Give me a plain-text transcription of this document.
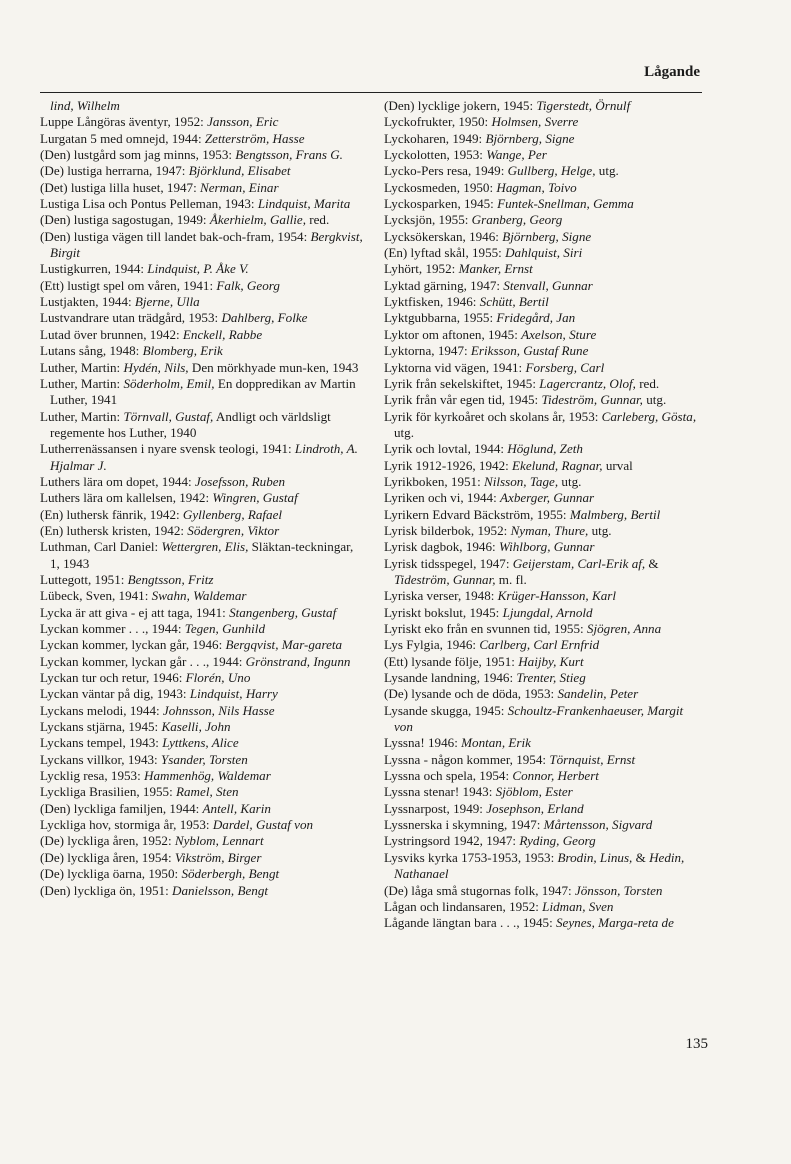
Lågande

lind, Wilhelm

Luppe Långöras äventyr, 1952: Jansson, Eric

Lurgatan 5 med omnejd, 1944: Zetterström, Hasse

(Den) lustgård som jag minns, 1953: Bengtsson, Frans G.

(De) lustiga herrarna, 1947: Björklund, Elisabet

(Det) lustiga lilla huset, 1947: Nerman, Einar

Lustiga Lisa och Pontus Pelleman, 1943: Lindquist, Marita

(Den) lustiga sagostugan, 1949: Åkerhielm, Gallie, red.

(Den) lustiga vägen till landet bak-och-fram, 1954: Bergkvist, Birgit

Lustigkurren, 1944: Lindquist, P. Åke V.

(Ett) lustigt spel om våren, 1941: Falk, Georg

Lustjakten, 1944: Bjerne, Ulla

Lustvandrare utan trädgård, 1953: Dahlberg, Folke

Lutad över brunnen, 1942: Enckell, Rabbe

Lutans sång, 1948: Blomberg, Erik

Luther, Martin: Hydén, Nils, Den mörkhyade mun-ken, 1943

Luther, Martin: Söderholm, Emil, En doppredikan av Martin Luther, 1941

Luther, Martin: Törnvall, Gustaf, Andligt och världsligt regemente hos Luther, 1940

Lutherrenässansen i nyare svensk teologi, 1941: Lindroth, A. Hjalmar J.

Luthers lära om dopet, 1944: Josefsson, Ruben

Luthers lära om kallelsen, 1942: Wingren, Gustaf

(En) luthersk fänrik, 1942: Gyllenberg, Rafael

(En) luthersk kristen, 1942: Södergren, Viktor

Luthman, Carl Daniel: Wettergren, Elis, Släktan-teckningar, 1, 1943

Luttegott, 1951: Bengtsson, Fritz

Lübeck, Sven, 1941: Swahn, Waldemar

Lycka är att giva - ej att taga, 1941: Stangenberg, Gustaf

Lyckan kommer . . ., 1944: Tegen, Gunhild

Lyckan kommer, lyckan går, 1946: Bergqvist, Mar-gareta

Lyckan kommer, lyckan går . . ., 1944: Grönstrand, Ingunn

Lyckan tur och retur, 1946: Florén, Uno

Lyckan väntar på dig, 1943: Lindquist, Harry

Lyckans melodi, 1944: Johnsson, Nils Hasse

Lyckans stjärna, 1945: Kaselli, John

Lyckans tempel, 1943: Lyttkens, Alice

Lyckans villkor, 1943: Ysander, Torsten

Lycklig resa, 1953: Hammenhög, Waldemar

Lyckliga Brasilien, 1955: Ramel, Sten

(Den) lyckliga familjen, 1944: Antell, Karin

Lyckliga hov, stormiga år, 1953: Dardel, Gustaf von

(De) lyckliga åren, 1952: Nyblom, Lennart

(De) lyckliga åren, 1954: Vikström, Birger

(De) lyckliga öarna, 1950: Söderbergh, Bengt

(Den) lyckliga ön, 1951: Danielsson, Bengt

(Den) lycklige jokern, 1945: Tigerstedt, Örnulf

Lyckofrukter, 1950: Holmsen, Sverre

Lyckoharen, 1949: Björnberg, Signe

Lyckolotten, 1953: Wange, Per

Lycko-Pers resa, 1949: Gullberg, Helge, utg.

Lyckosmeden, 1950: Hagman, Toivo

Lyckosparken, 1945: Funtek-Snellman, Gemma

Lycksjön, 1955: Granberg, Georg

Lycksökerskan, 1946: Björnberg, Signe

(En) lyftad skål, 1955: Dahlquist, Siri

Lyhört, 1952: Manker, Ernst

Lyktad gärning, 1947: Stenvall, Gunnar

Lyktfisken, 1946: Schütt, Bertil

Lyktgubbarna, 1955: Fridegård, Jan

Lyktor om aftonen, 1945: Axelson, Sture

Lyktorna, 1947: Eriksson, Gustaf Rune

Lyktorna vid vägen, 1941: Forsberg, Carl

Lyrik från sekelskiftet, 1945: Lagercrantz, Olof, red.

Lyrik från vår egen tid, 1945: Tideström, Gunnar, utg.

Lyrik för kyrkoåret och skolans år, 1953: Carleberg, Gösta, utg.

Lyrik och lovtal, 1944: Höglund, Zeth

Lyrik 1912-1926, 1942: Ekelund, Ragnar, urval

Lyrikboken, 1951: Nilsson, Tage, utg.

Lyriken och vi, 1944: Axberger, Gunnar

Lyrikern Edvard Bäckström, 1955: Malmberg, Bertil

Lyrisk bilderbok, 1952: Nyman, Thure, utg.

Lyrisk dagbok, 1946: Wihlborg, Gunnar

Lyrisk tidsspegel, 1947: Geijerstam, Carl-Erik af, & Tideström, Gunnar, m. fl.

Lyriska verser, 1948: Krüger-Hansson, Karl

Lyriskt bokslut, 1945: Ljungdal, Arnold

Lyriskt eko från en svunnen tid, 1955: Sjögren, Anna

Lys Fylgia, 1946: Carlberg, Carl Ernfrid

(Ett) lysande följe, 1951: Haijby, Kurt

Lysande landning, 1946: Trenter, Stieg

(De) lysande och de döda, 1953: Sandelin, Peter

Lysande skugga, 1945: Schoultz-Frankenhaeuser, Margit von

Lyssna! 1946: Montan, Erik

Lyssna - någon kommer, 1954: Törnquist, Ernst

Lyssna och spela, 1954: Connor, Herbert

Lyssna stenar! 1943: Sjöblom, Ester

Lyssnarpost, 1949: Josephson, Erland

Lyssnerska i skymning, 1947: Mårtensson, Sigvard

Lystringsord 1942, 1947: Ryding, Georg

Lysviks kyrka 1753-1953, 1953: Brodin, Linus, & Hedin, Nathanael

(De) låga små stugornas folk, 1947: Jönsson, Torsten

Lågan och lindansaren, 1952: Lidman, Sven

Lågande längtan bara . . ., 1945: Seynes, Marga-reta de

135
